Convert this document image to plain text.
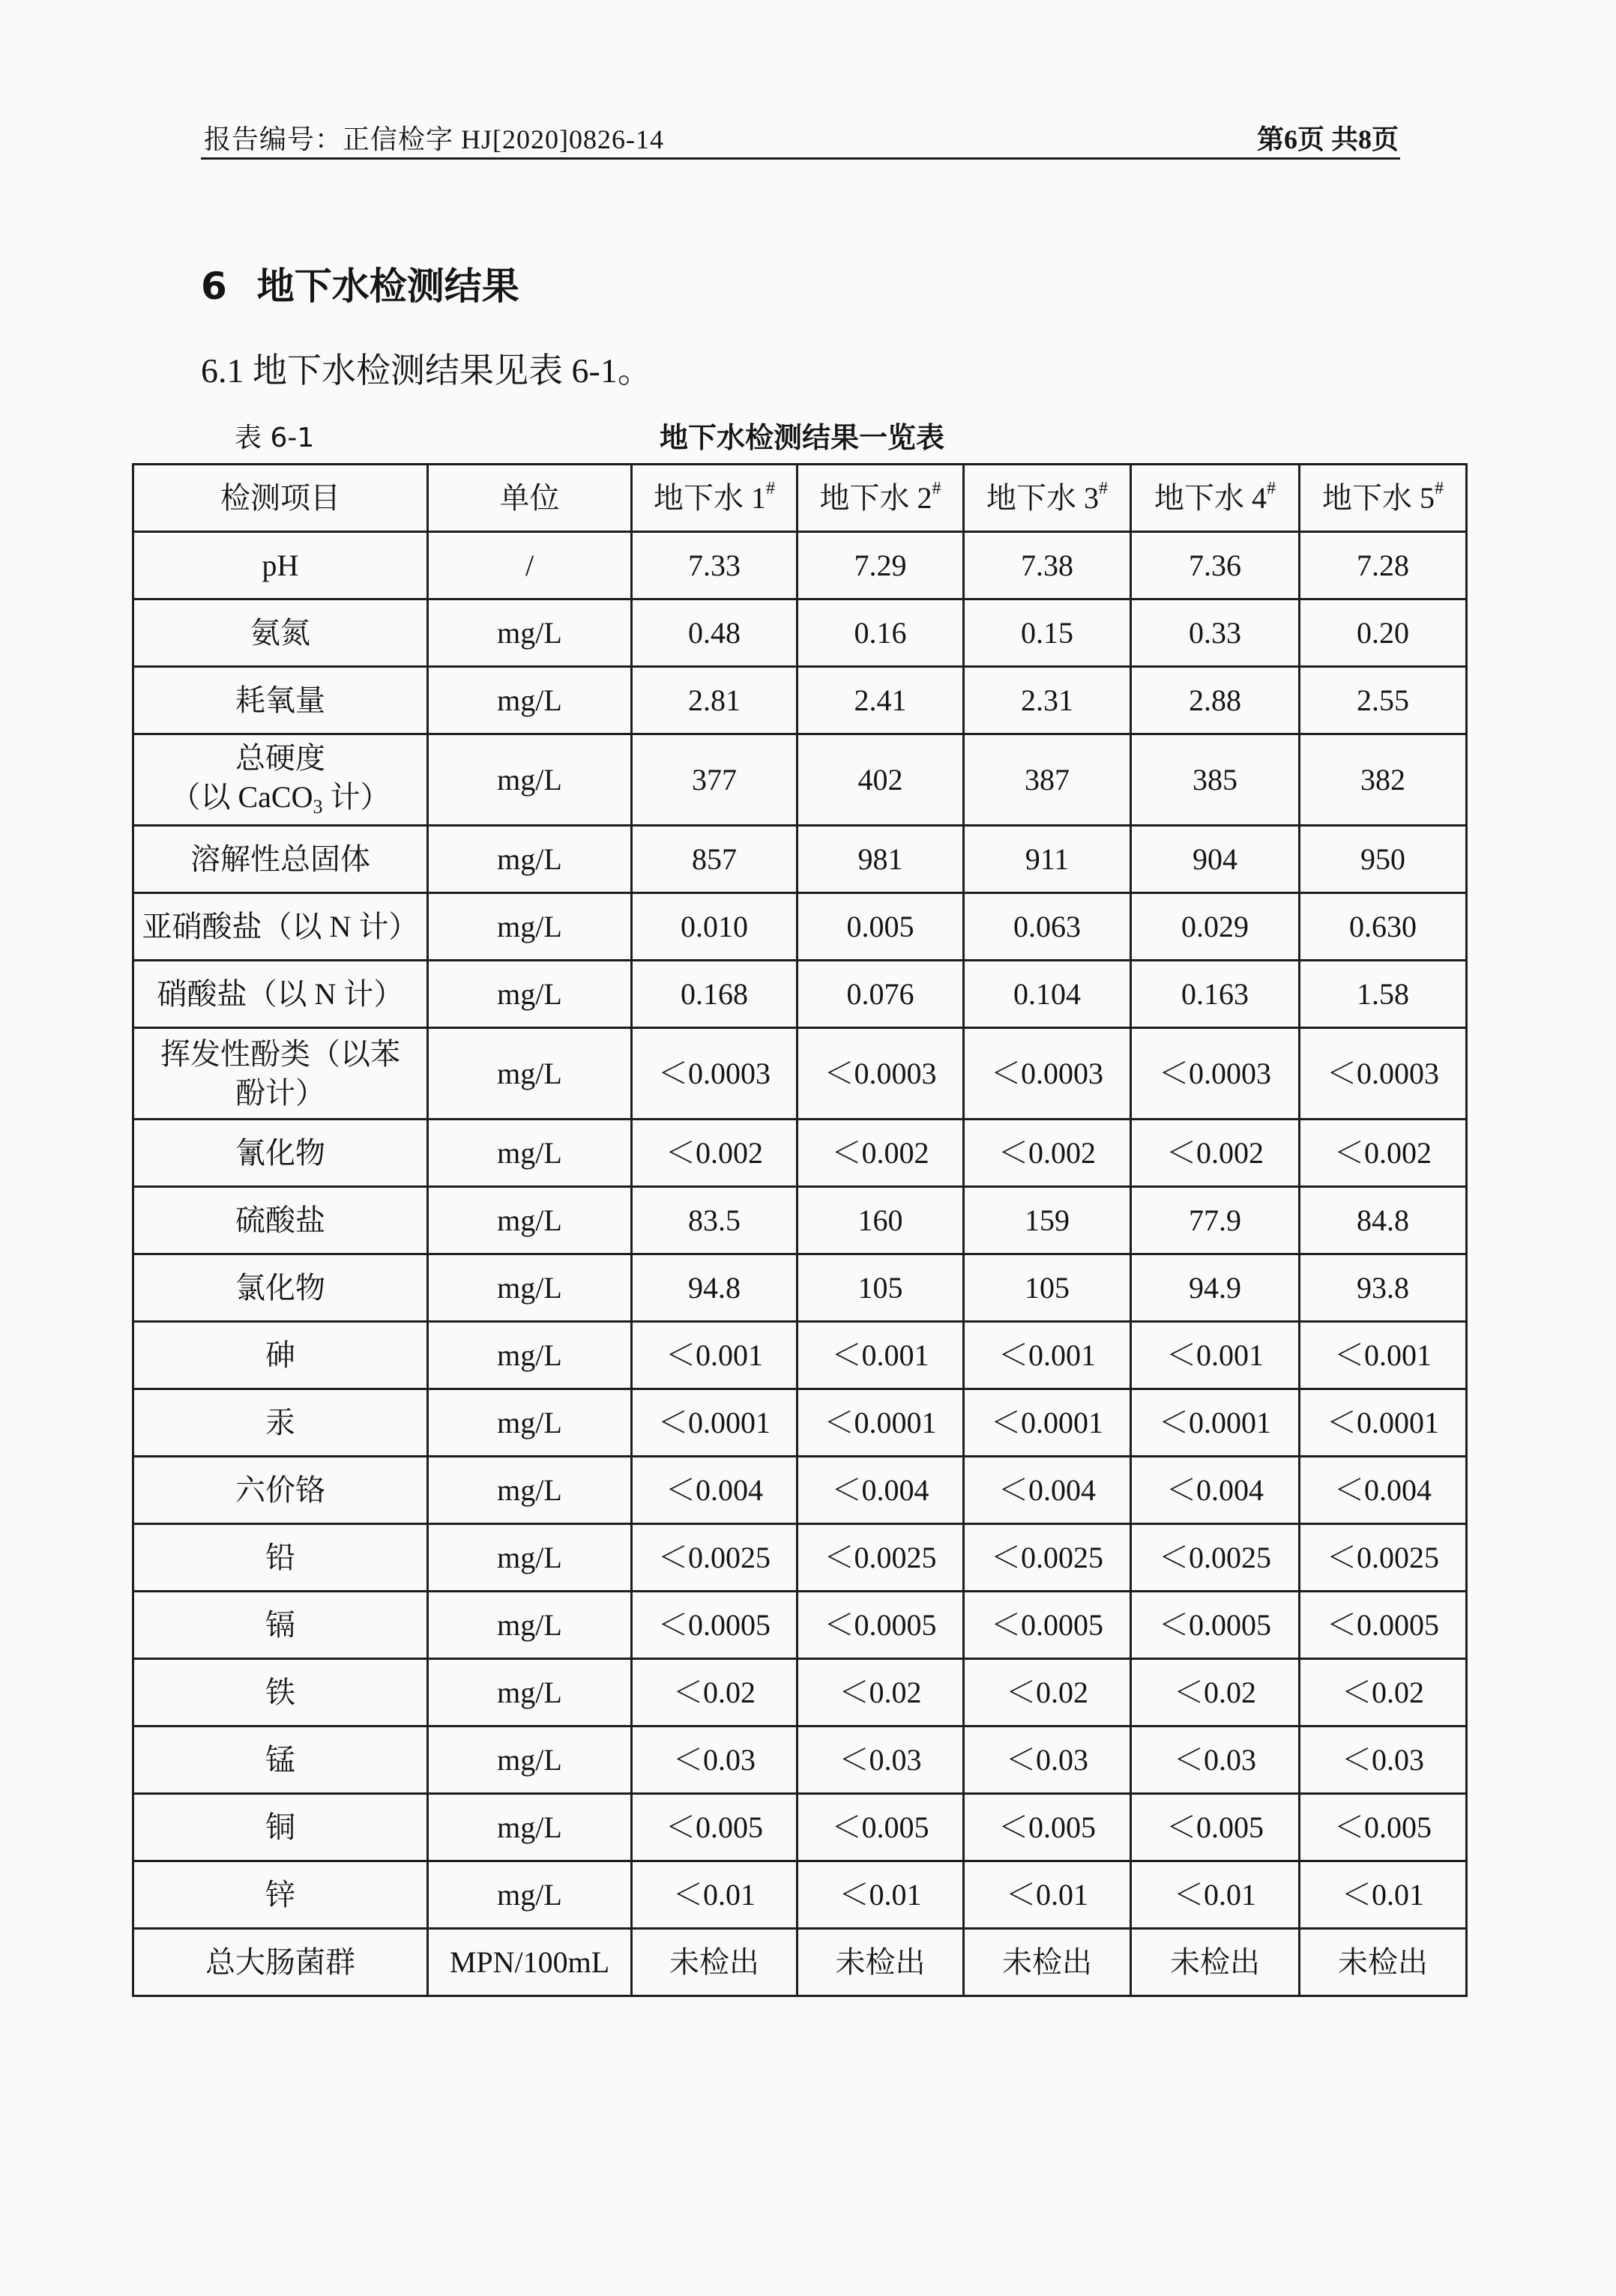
报告编号：正信检字 HJ[2020]0826-14	第6页 共8页
6 地下水检测结果
6.1 地下水检测结果见表 6-1。
表 6-1	地下水检测结果一览表
检测项目	单位	地下水 1#	地下水 2#	地下水 3#	地下水 4#	地下水 5#

pH	/	7.33	7.29	7.38	7.36	7.28

氨氮	mg/L	0.48	0.16	0.15	0.33	0.20

耗氧量	mg/L	2.81	2.41	2.31	2.88	2.55

总硬度
（以 CaCO$_3$ 计）	mg/L	377	402	387	385	382

溶解性总固体	mg/L	857	981	911	904	950

亚硝酸盐（以 N 计）	mg/L	0.010	0.005	0.063	0.029	0.630

硝酸盐（以 N 计）	mg/L	0.168	0.076	0.104	0.163	1.58

挥发性酚类（以苯
酚计）	mg/L	＜0.0003	＜0.0003	＜0.0003	＜0.0003	＜0.0003

氰化物	mg/L	＜0.002	＜0.002	＜0.002	＜0.002	＜0.002

硫酸盐	mg/L	83.5	160	159	77.9	84.8

氯化物	mg/L	94.8	105	105	94.9	93.8

砷	mg/L	＜0.001	＜0.001	＜0.001	＜0.001	＜0.001

汞	mg/L	＜0.0001	＜0.0001	＜0.0001	＜0.0001	＜0.0001

六价铬	mg/L	＜0.004	＜0.004	＜0.004	＜0.004	＜0.004

铅	mg/L	＜0.0025	＜0.0025	＜0.0025	＜0.0025	＜0.0025

镉	mg/L	＜0.0005	＜0.0005	＜0.0005	＜0.0005	＜0.0005

铁	mg/L	＜0.02	＜0.02	＜0.02	＜0.02	＜0.02

锰	mg/L	＜0.03	＜0.03	＜0.03	＜0.03	＜0.03

铜	mg/L	＜0.005	＜0.005	＜0.005	＜0.005	＜0.005

锌	mg/L	＜0.01	＜0.01	＜0.01	＜0.01	＜0.01

总大肠菌群	MPN/100mL	未检出	未检出	未检出	未检出	未检出
